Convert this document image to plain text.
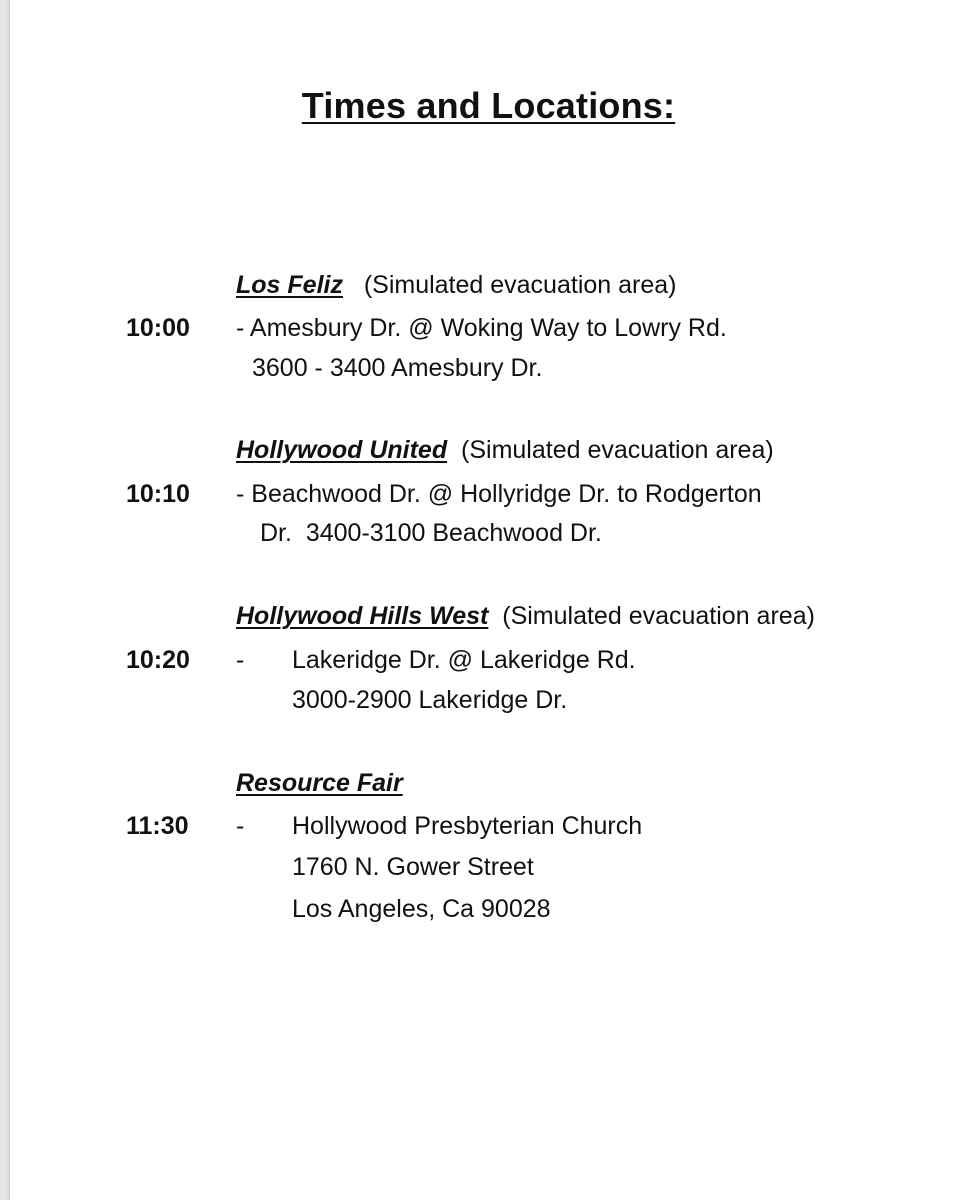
Times and Locations:

Los Feliz (Simulated evacuation area)

10:00 - Amesbury Dr. @ Woking Way to Lowry Rd.

3600 - 3400 Amesbury Dr.

Hollywood United (Simulated evacuation area)

10:10 - Beachwood Dr. @ Hollyridge Dr. to Rodgerton

Dr.  3400-3100 Beachwood Dr.

Hollywood Hills West (Simulated evacuation area)

10:20 - Lakeridge Dr. @ Lakeridge Rd.

3000-2900 Lakeridge Dr.

Resource Fair

11:30 - Hollywood Presbyterian Church

1760 N. Gower Street

Los Angeles, Ca 90028
